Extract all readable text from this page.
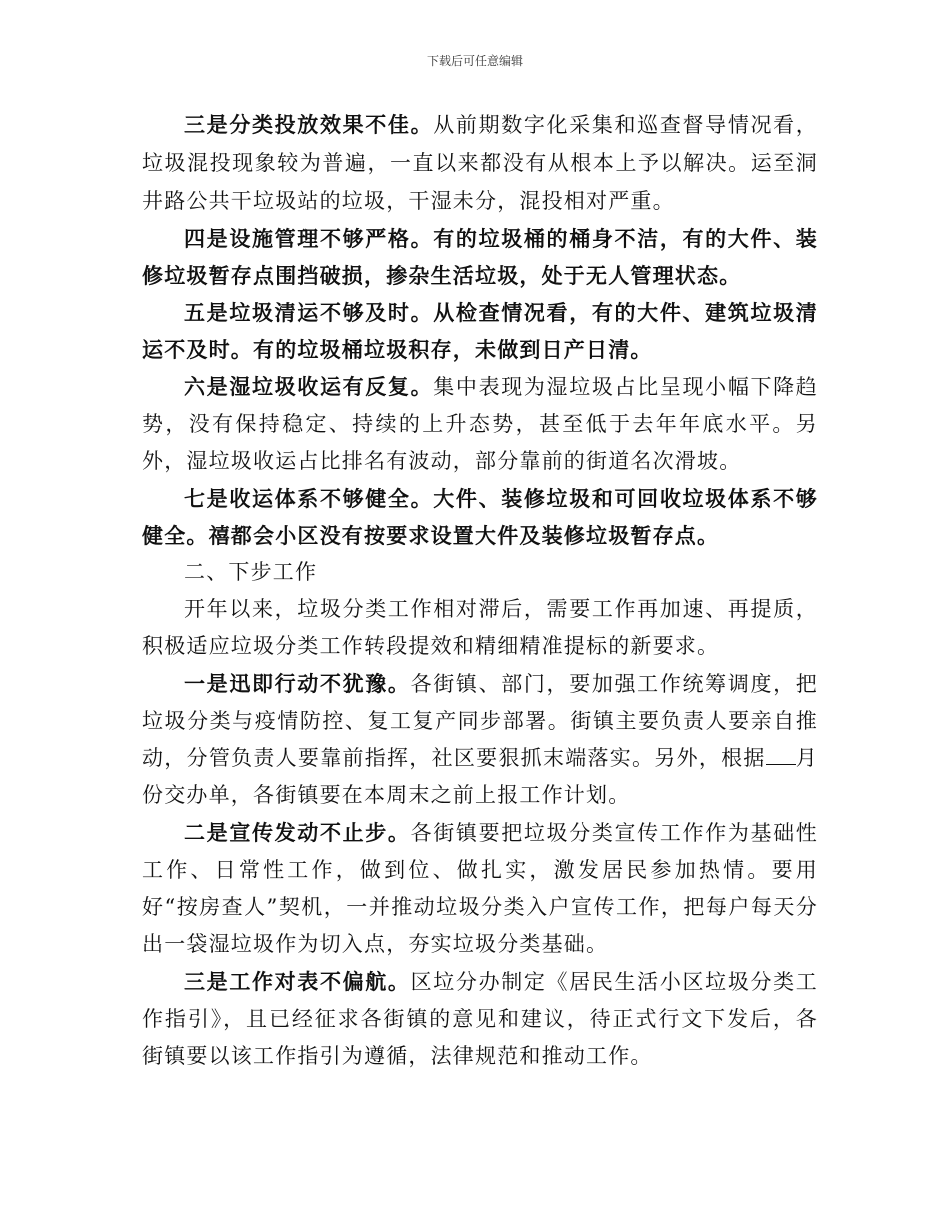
下载后可任意编辑

三是分类投放效果不佳。从前期数字化采集和巡查督导情况看，垃圾混投现象较为普遍，一直以来都没有从根本上予以解决。运至洞井路公共干垃圾站的垃圾，干湿未分，混投相对严重。

四是设施管理不够严格。有的垃圾桶的桶身不洁，有的大件、装修垃圾暂存点围挡破损，掺杂生活垃圾，处于无人管理状态。

五是垃圾清运不够及时。从检查情况看，有的大件、建筑垃圾清运不及时。有的垃圾桶垃圾积存，未做到日产日清。

六是湿垃圾收运有反复。集中表现为湿垃圾占比呈现小幅下降趋势，没有保持稳定、持续的上升态势，甚至低于去年年底水平。另外，湿垃圾收运占比排名有波动，部分靠前的街道名次滑坡。

七是收运体系不够健全。大件、装修垃圾和可回收垃圾体系不够健全。禧都会小区没有按要求设置大件及装修垃圾暂存点。

二、下步工作

开年以来，垃圾分类工作相对滞后，需要工作再加速、再提质，积极适应垃圾分类工作转段提效和精细精准提标的新要求。

一是迅即行动不犹豫。各街镇、部门，要加强工作统筹调度，把垃圾分类与疫情防控、复工复产同步部署。街镇主要负责人要亲自推动，分管负责人要靠前指挥，社区要狠抓末端落实。另外，根据 月份交办单，各街镇要在本周末之前上报工作计划。

二是宣传发动不止步。各街镇要把垃圾分类宣传工作作为基础性工作、日常性工作，做到位、做扎实，激发居民参加热情。要用好“按房查人”契机，一并推动垃圾分类入户宣传工作，把每户每天分出一袋湿垃圾作为切入点，夯实垃圾分类基础。

三是工作对表不偏航。区垃分办制定《居民生活小区垃圾分类工作指引》，且已经征求各街镇的意见和建议，待正式行文下发后，各街镇要以该工作指引为遵循，法律规范和推动工作。
